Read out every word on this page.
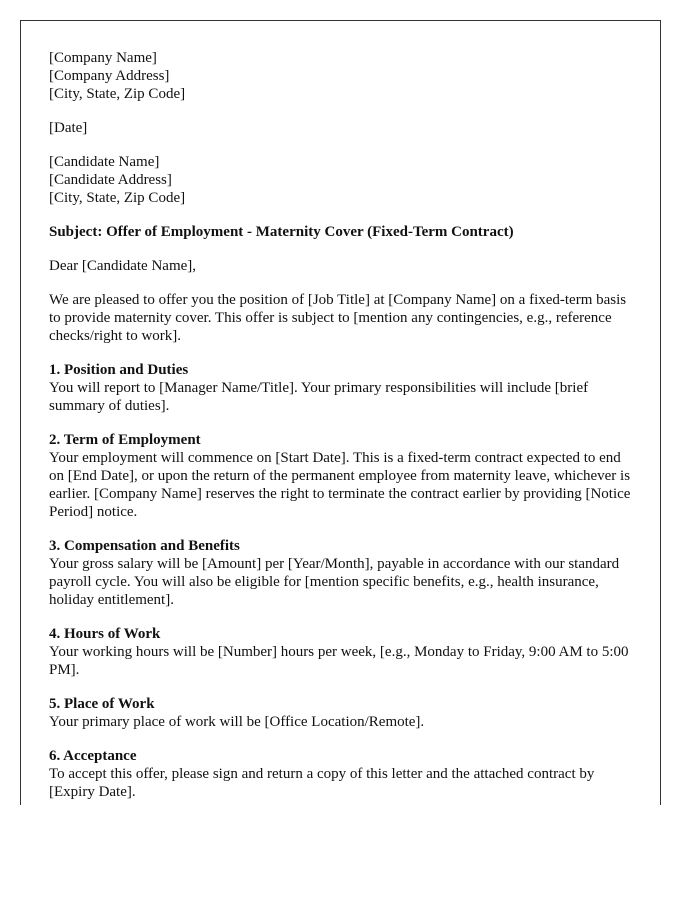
[Company Name]
[Company Address]
[City, State, Zip Code]

[Date]

[Candidate Name]
[Candidate Address]
[City, State, Zip Code]

Subject: Offer of Employment - Maternity Cover (Fixed-Term Contract)

Dear [Candidate Name],

We are pleased to offer you the position of [Job Title] at [Company Name] on a fixed-term basis to provide maternity cover. This offer is subject to [mention any contingencies, e.g., reference checks/right to work].

1. Position and Duties
You will report to [Manager Name/Title]. Your primary responsibilities will include [brief summary of duties].

2. Term of Employment
Your employment will commence on [Start Date]. This is a fixed-term contract expected to end on [End Date], or upon the return of the permanent employee from maternity leave, whichever is earlier. [Company Name] reserves the right to terminate the contract earlier by providing [Notice Period] notice.

3. Compensation and Benefits
Your gross salary will be [Amount] per [Year/Month], payable in accordance with our standard payroll cycle. You will also be eligible for [mention specific benefits, e.g., health insurance, holiday entitlement].

4. Hours of Work
Your working hours will be [Number] hours per week, [e.g., Monday to Friday, 9:00 AM to 5:00 PM].

5. Place of Work
Your primary place of work will be [Office Location/Remote].

6. Acceptance
To accept this offer, please sign and return a copy of this letter and the attached contract by [Expiry Date].
